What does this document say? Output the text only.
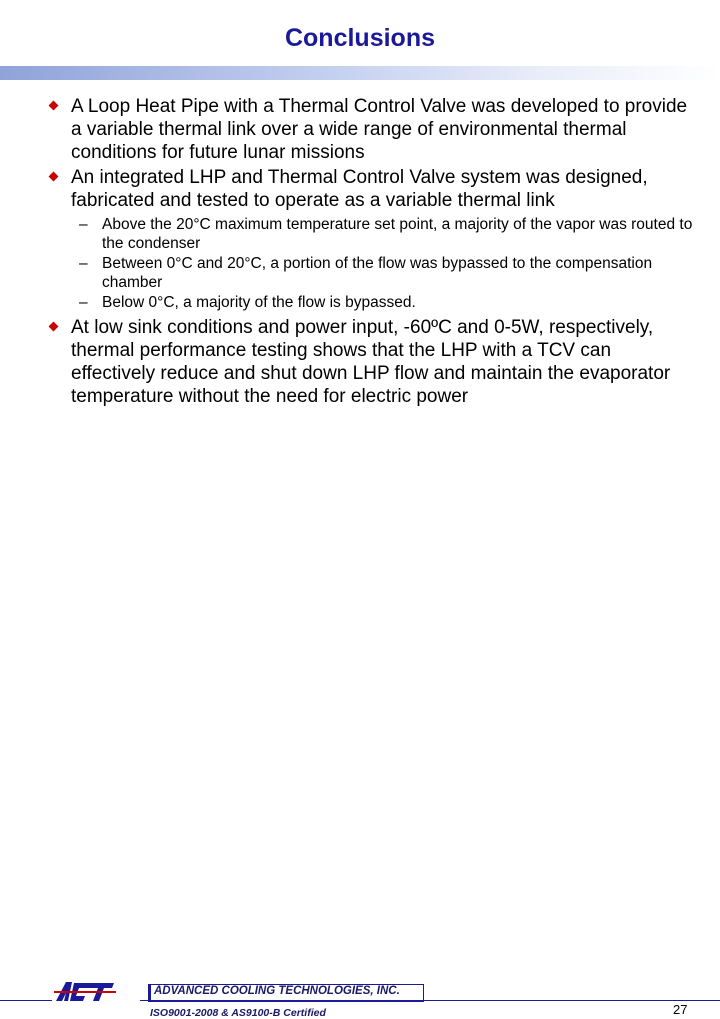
Conclusions
A Loop Heat Pipe with a Thermal Control Valve was developed to provide a variable thermal link over a wide range of environmental thermal conditions for future lunar missions
An integrated LHP and Thermal Control Valve system was designed, fabricated and tested to operate as a variable thermal link
– Above the 20°C maximum temperature set point, a majority of the vapor was routed to the condenser
– Between 0°C and 20°C, a portion of the flow was bypassed to the compensation chamber
– Below 0°C, a majority of the flow is bypassed.
At low sink conditions and power input, -60ºC and 0-5W, respectively, thermal performance testing shows that the LHP with a TCV can effectively reduce and shut down LHP flow and maintain the evaporator temperature without the need for electric power
ADVANCED COOLING TECHNOLOGIES, INC.
ISO9001-2008 & AS9100-B Certified	27
